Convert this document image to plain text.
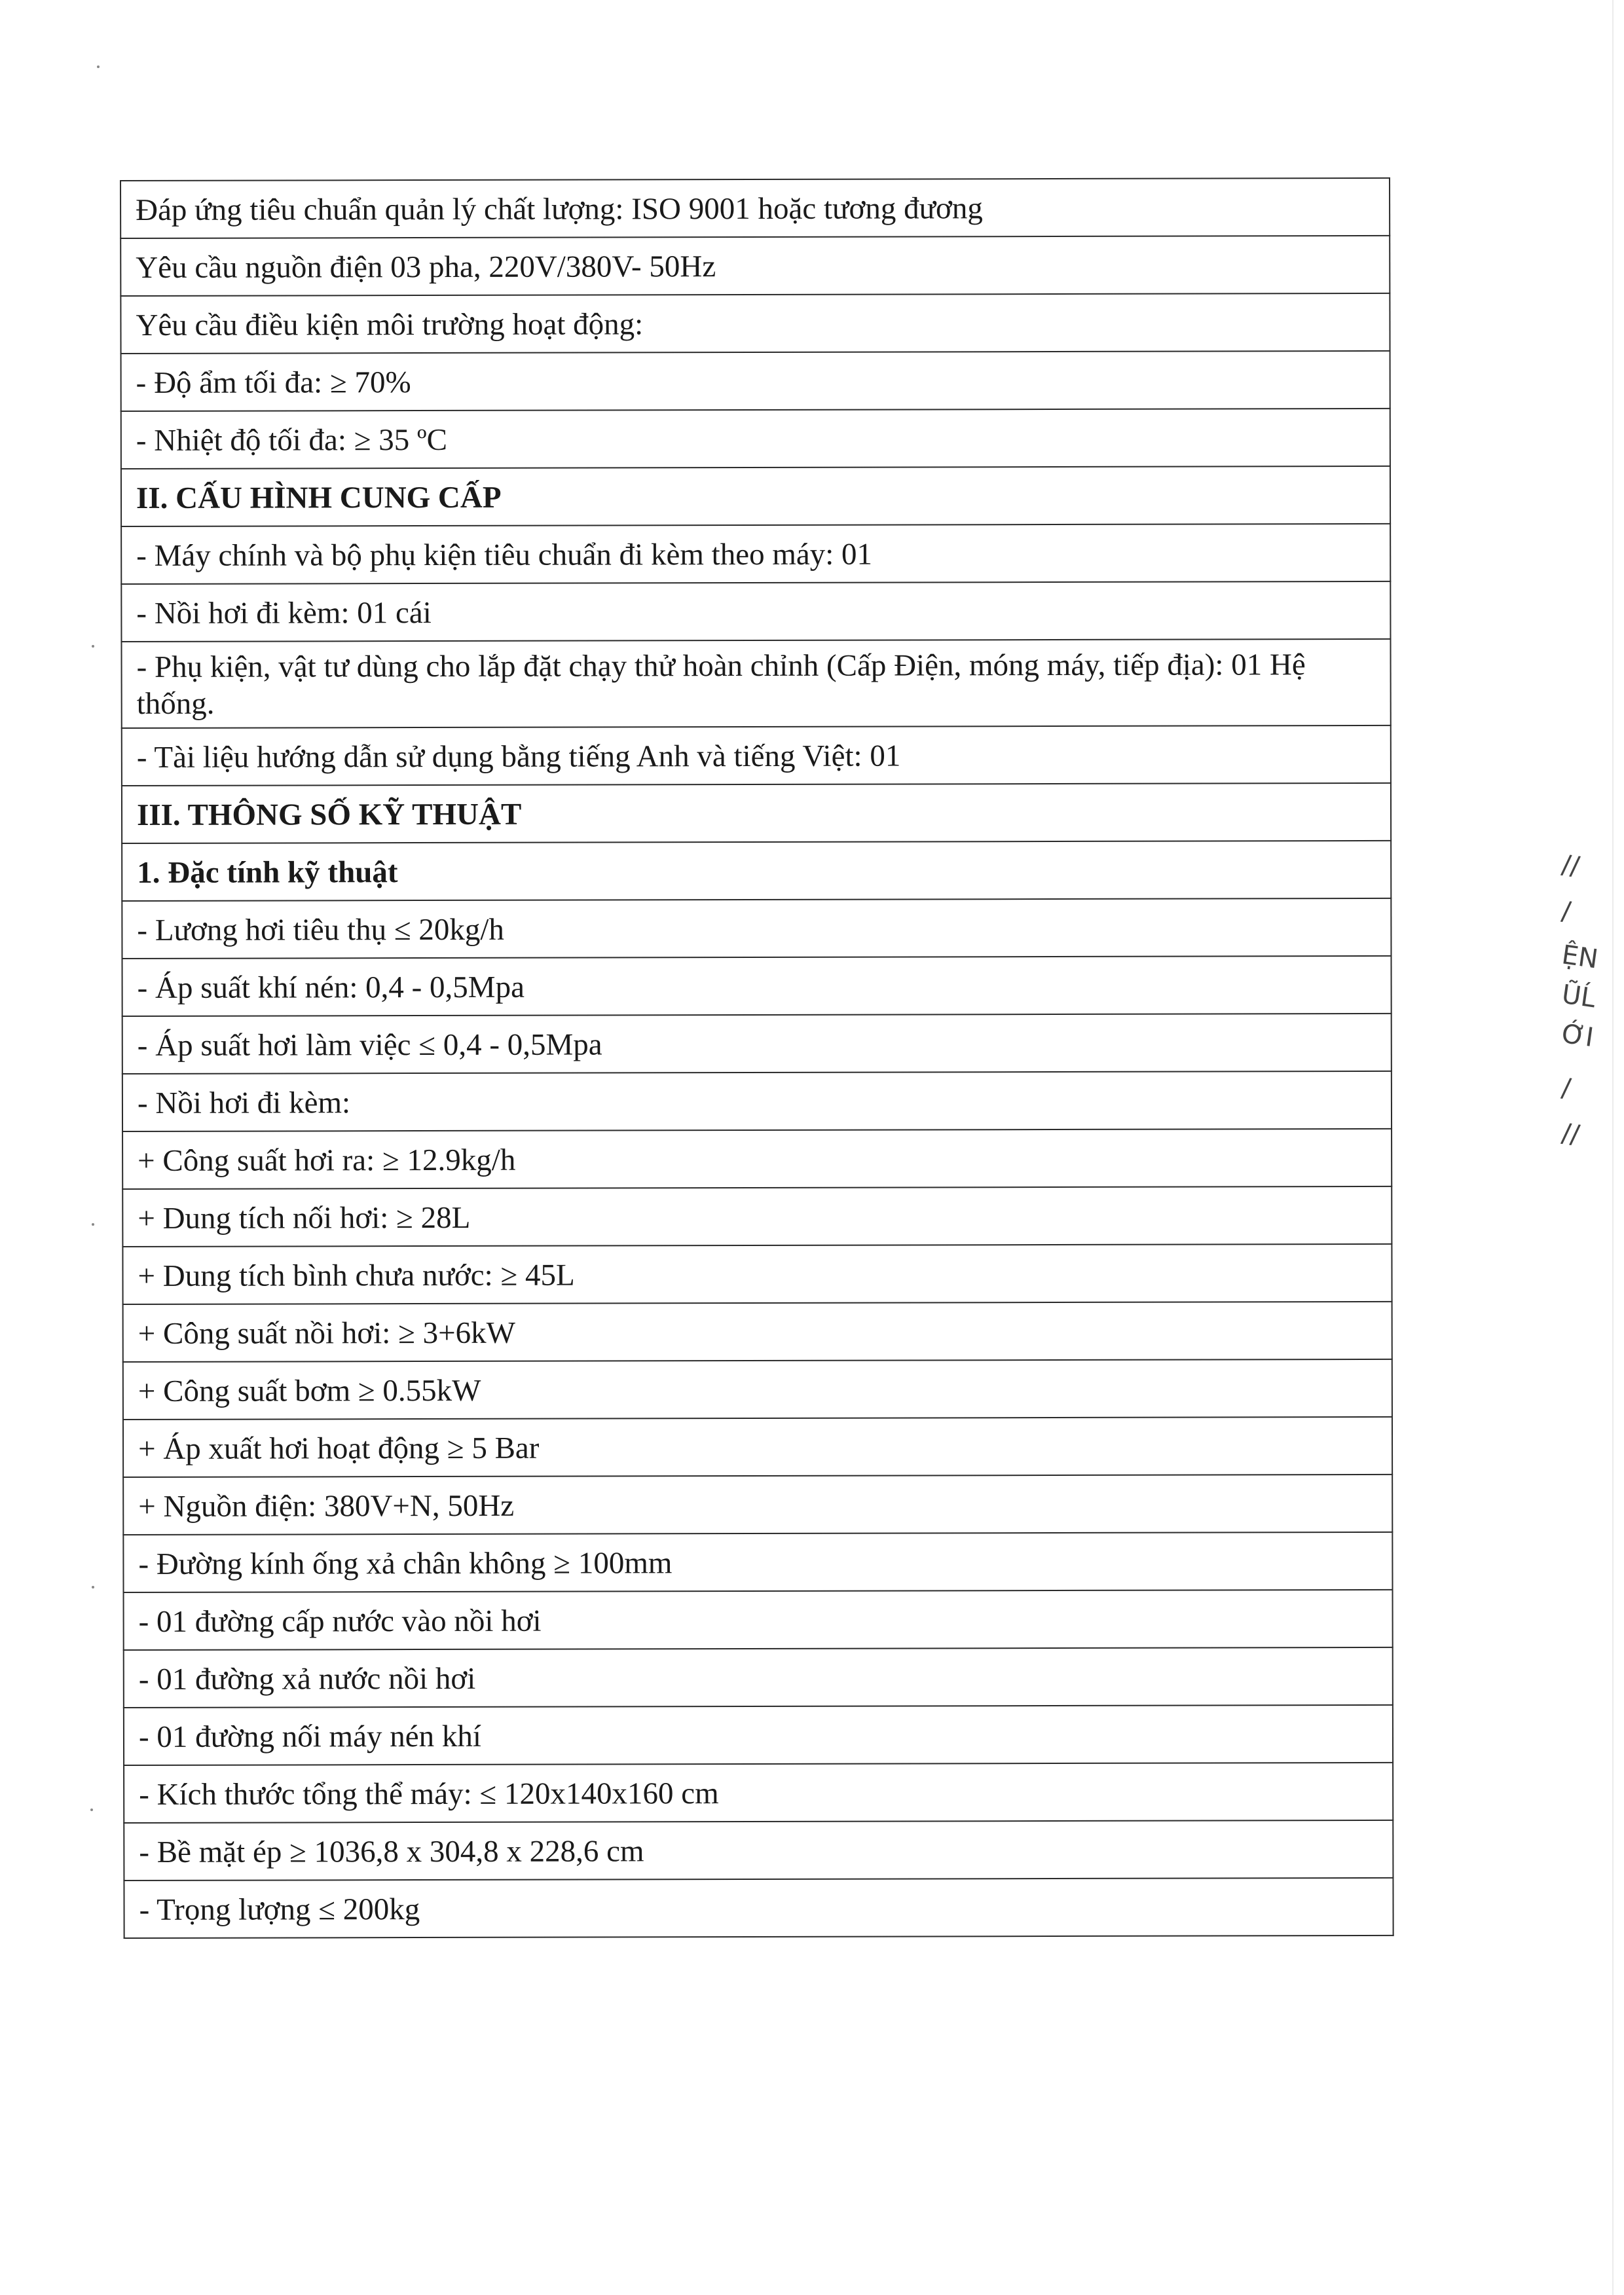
Đáp ứng tiêu chuẩn quản lý chất lượng: ISO 9001 hoặc tương đương
Yêu cầu nguồn điện 03 pha, 220V/380V- 50Hz
Yêu cầu điều kiện môi trường hoạt động:
- Độ ẩm tối đa: ≥ 70%
- Nhiệt độ tối đa: ≥ 35 ºC
II. CẤU HÌNH CUNG CẤP
- Máy chính và bộ phụ kiện tiêu chuẩn đi kèm theo máy: 01
- Nồi hơi đi kèm: 01 cái
- Phụ kiện, vật tư dùng cho lắp đặt chạy thử hoàn chỉnh (Cấp Điện, móng máy, tiếp địa): 01 Hệ thống.
- Tài liệu hướng dẫn sử dụng bằng tiếng Anh và tiếng Việt: 01
III. THÔNG SỐ KỸ THUẬT
1. Đặc tính kỹ thuật
- Lương hơi tiêu thụ ≤ 20kg/h
- Áp suất khí nén: 0,4 - 0,5Mpa
- Áp suất hơi làm việc ≤ 0,4 - 0,5Mpa
- Nồi hơi đi kèm:
+ Công suất hơi ra: ≥ 12.9kg/h
+ Dung tích nối hơi: ≥ 28L
+ Dung tích bình chưa nước: ≥ 45L
+ Công suất nồi hơi: ≥ 3+6kW
+ Công suất bơm ≥ 0.55kW
+ Áp xuất hơi hoạt động ≥ 5 Bar
+ Nguồn điện: 380V+N, 50Hz
- Đường kính ống xả chân không ≥ 100mm
- 01 đường cấp nước vào nồi hơi
- 01 đường xả nước nồi hơi
- 01 đường nối máy nén khí
- Kích thước tổng thể máy: ≤ 120x140x160 cm
- Bề mặt ép ≥ 1036,8 x 304,8 x 228,6 cm
- Trọng lượng ≤ 200kg
//
/
ỆN
ŨĹ
ỚI
/
//
